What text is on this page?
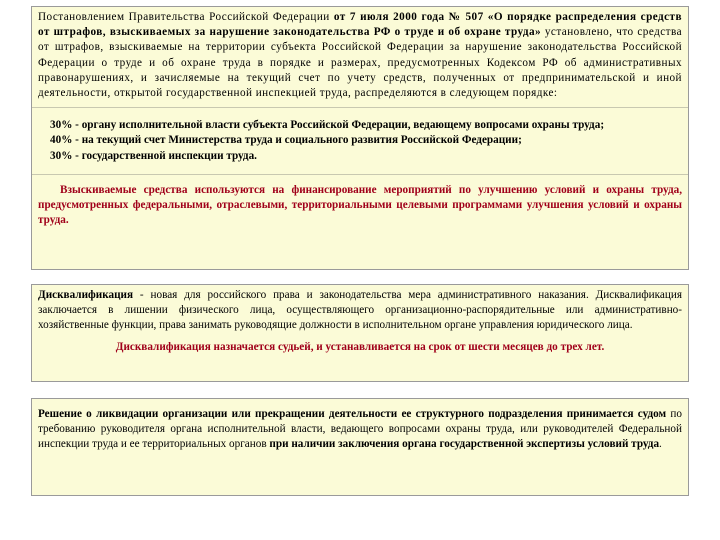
Постановлением Правительства Российской Федерации от 7 июля 2000 года № 507 «О порядке распределения средств от штрафов, взыскиваемых за нарушение законодательства РФ о труде и об охране труда» установлено, что средства от штрафов, взыскиваемые на территории субъекта Российской Федерации за нарушение законодательства Российской Федерации о труде и об охране труда в порядке и размерах, предусмотренных Кодексом РФ об административных правонарушениях, и зачисляемые на текущий счет по учету средств, полученных от предпринимательской и иной деятельности, открытой государственной инспекцией труда, распределяются в следующем порядке:

30% - органу исполнительной власти субъекта Российской Федерации, ведающему вопросами охраны труда;

40% - на текущий счет Министерства труда и социального развития Российской Федерации;

30% - государственной инспекции труда.

Взыскиваемые средства используются на финансирование мероприятий по улучшению условий и охраны труда, предусмотренных федеральными, отраслевыми, территориальными целевыми программами улучшения условий и охраны труда.

Дисквалификация - новая для российского права и законодательства мера административного наказания. Дисквалификация заключается в лишении физического лица, осуществляющего организационно-распорядительные или административно-хозяйственные функции, права занимать руководящие должности в исполнительном органе управления юридического лица.

Дисквалификация назначается судьей, и устанавливается на срок от шести месяцев до трех лет.

Решение о ликвидации организации или прекращении деятельности ее структурного подразделения принимается судом по требованию руководителя органа исполнительной власти, ведающего вопросами охраны труда, или руководителей Федеральной инспекции труда и ее территориальных органов при наличии заключения органа государственной экспертизы условий труда.
